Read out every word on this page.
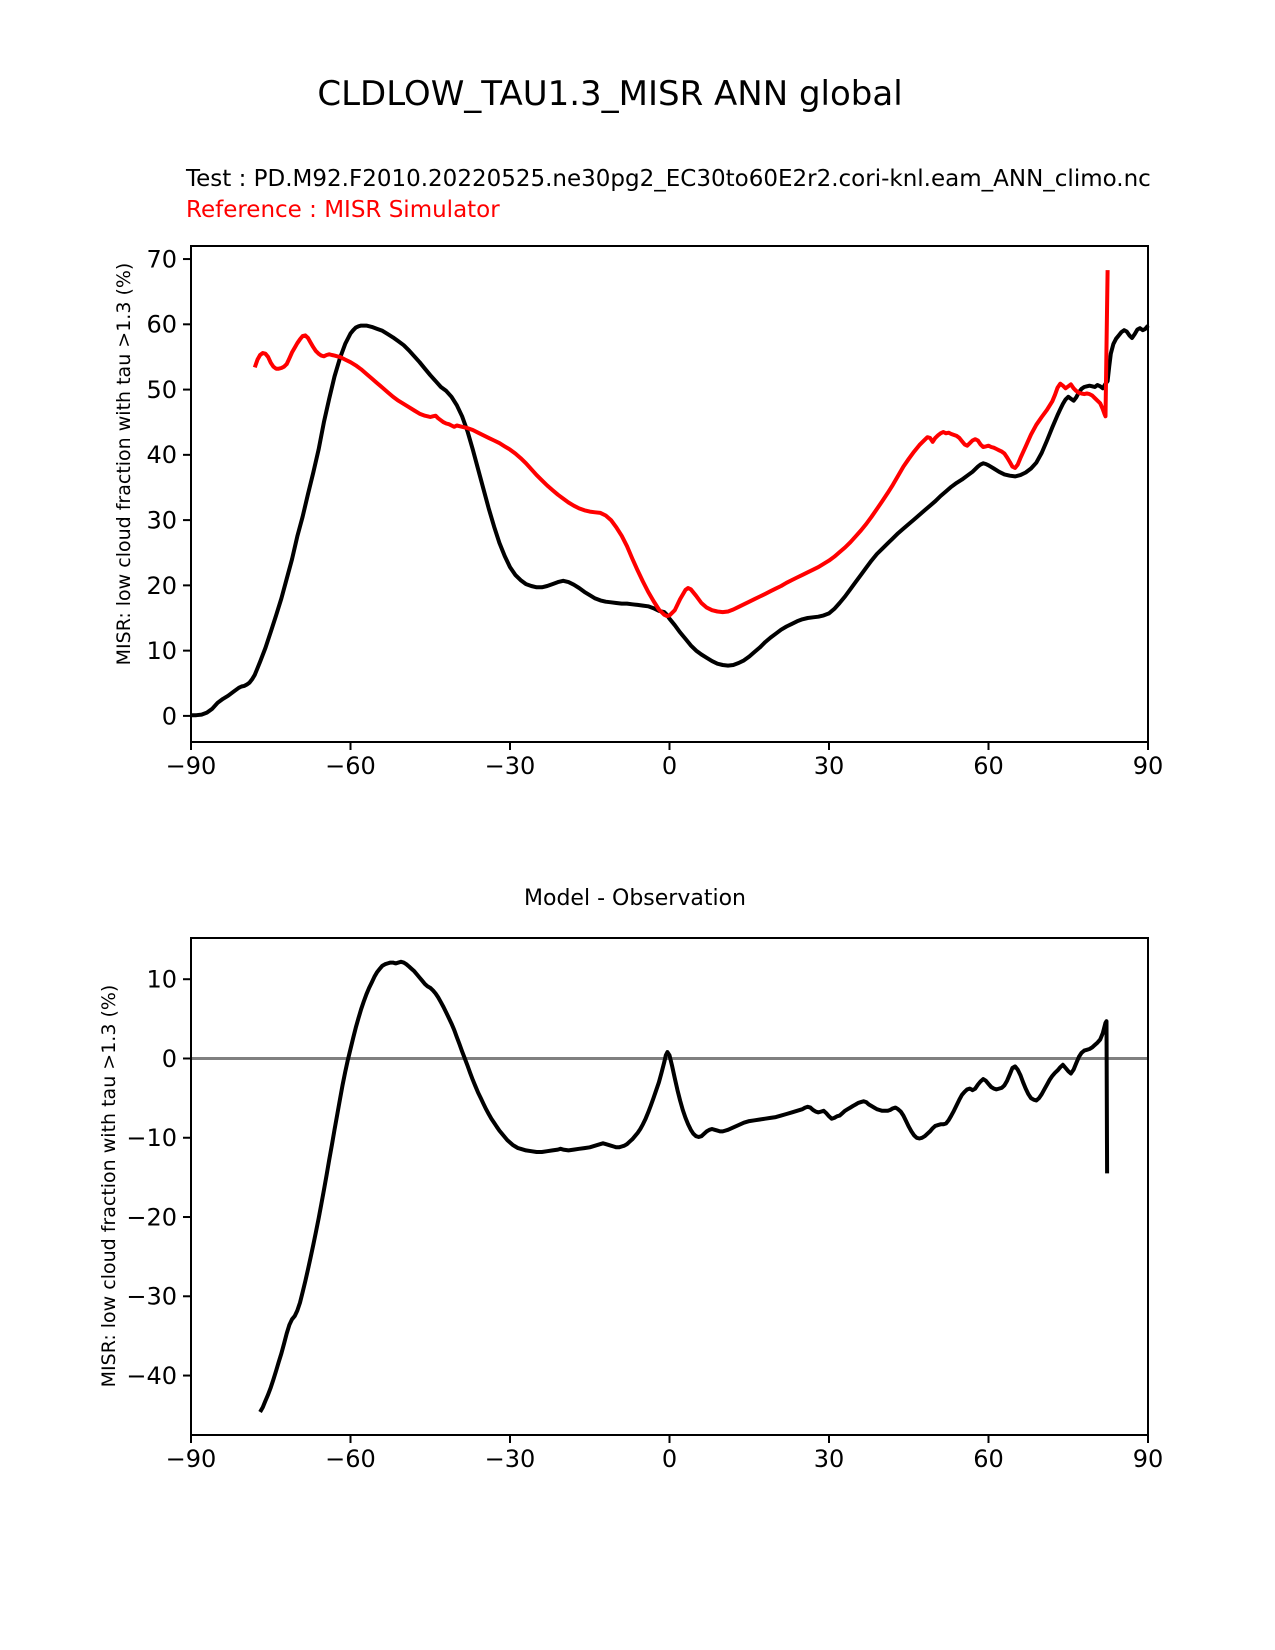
CLDLOW_TAU1.3_MISR ANN global
Test : PD.M92.F2010.20220525.ne30pg2_EC30to60E2r2.cori-knl.eam_ANN_climo.nc
Reference : MISR Simulator
MISR: low cloud fraction with tau >1.3 (%)
MISR: low cloud fraction with tau >1.3 (%)
Model - Observation
−90	−60	−30	0	30	60	90
0
10
20
30
40
50
60
70
−90	−60	−30	0	30	60	90
10
0
−10
−20
−30
−40
